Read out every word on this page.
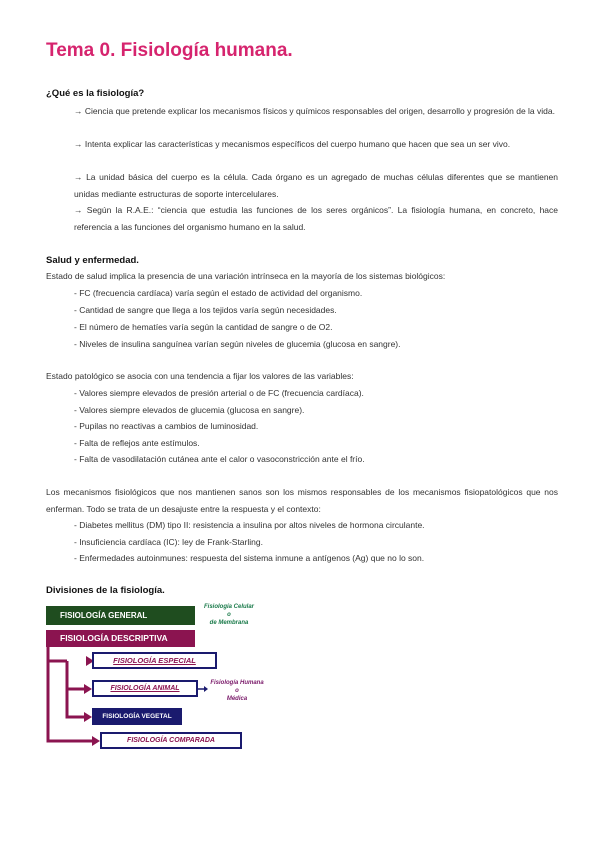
Tema 0. Fisiología humana.
¿Qué es la fisiología?
→ Ciencia que pretende explicar los mecanismos físicos y químicos responsables del origen, desarrollo y progresión de la vida.
→ Intenta explicar las características y mecanismos específicos del cuerpo humano que hacen que sea un ser vivo.
→ La unidad básica del cuerpo es la célula. Cada órgano es un agregado de muchas células diferentes que se mantienen unidas mediante estructuras de soporte intercelulares.
→ Según la R.A.E.: “ciencia que estudia las funciones de los seres orgánicos”. La fisiología humana, en concreto, hace referencia a las funciones del organismo humano en la salud.
Salud y enfermedad.
Estado de salud implica la presencia de una variación intrínseca en la mayoría de los sistemas biológicos:
- FC (frecuencia cardíaca) varía según el estado de actividad del organismo.
- Cantidad de sangre que llega a los tejidos varía según necesidades.
- El número de hematíes varía según la cantidad de sangre o de O2.
- Niveles de insulina sanguínea varían según niveles de glucemia (glucosa en sangre).
Estado patológico se asocia con una tendencia a fijar los valores de las variables:
- Valores siempre elevados de presión arterial o de FC (frecuencia cardíaca).
- Valores siempre elevados de glucemia (glucosa en sangre).
- Pupilas no reactivas a cambios de luminosidad.
- Falta de reflejos ante estímulos.
- Falta de vasodilatación cutánea ante el calor o vasoconstricción ante el frío.
Los mecanismos fisiológicos que nos mantienen sanos son los mismos responsables de los mecanismos fisiopatológicos que nos enferman. Todo se trata de un desajuste entre la respuesta y el contexto:
- Diabetes mellitus (DM) tipo II: resistencia a insulina por altos niveles de hormona circulante.
- Insuficiencia cardíaca (IC): ley de Frank-Starling.
- Enfermedades autoinmunes: respuesta del sistema inmune a antígenos (Ag) que no lo son.
Divisiones de la fisiología.
FISIOLOGÍA GENERAL
Fisiología Celular
o
de Membrana
FISIOLOGÍA DESCRIPTIVA
FISIOLOGÍA ESPECIAL
FISIOLOGÍA ANIMAL
Fisiología Humana
o
Médica
FISIOLOGÍA VEGETAL
FISIOLOGÍA COMPARADA
